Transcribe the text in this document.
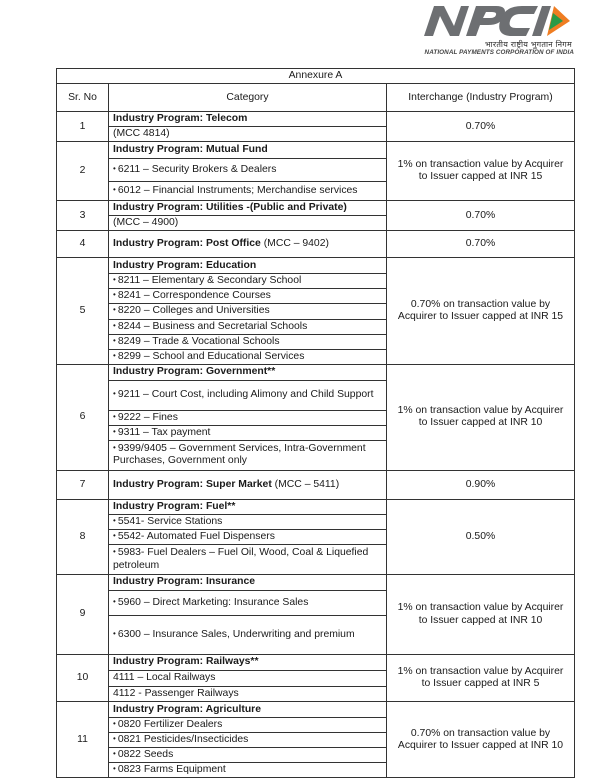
भारतीय राष्ट्रीय भुगतान निगम
NATIONAL PAYMENTS CORPORATION OF INDIA
Annexure A		
Sr. No	Category	Interchange (Industry Program)
1	Industry Program: Telecom	0.70%
	(MCC 4814)	
2	Industry Program: Mutual Fund	1% on transaction value by Acquirer to Issuer capped at INR 15
	• 6211 – Security Brokers & Dealers
	• 6012 – Financial Instruments; Merchandise services
3	Industry Program: Utilities -(Public and Private)	0.70%
	(MCC – 4900)	
4	Industry Program: Post Office (MCC – 9402)	0.70%
5	Industry Program: Education	0.70% on transaction value by Acquirer to Issuer capped at INR 15
	• 8211 – Elementary & Secondary School
	• 8241 – Correspondence Courses
	• 8220 – Colleges and Universities
	• 8244 – Business and Secretarial Schools
	• 8249 – Trade & Vocational Schools
	• 8299 – School and Educational Services
6	Industry Program: Government**	1% on transaction value by Acquirer to Issuer capped at INR 10
	• 9211 – Court Cost, including Alimony and Child Support
	• 9222 – Fines
	• 9311 – Tax payment
	• 9399/9405 – Government Services, Intra-Government Purchases, Government only
7	Industry Program: Super Market (MCC – 5411)	0.90%
8	Industry Program: Fuel**	0.50%
	• 5541- Service Stations
	• 5542- Automated Fuel Dispensers
	• 5983- Fuel Dealers – Fuel Oil, Wood, Coal & Liquefied petroleum
9	Industry Program: Insurance	1% on transaction value by Acquirer to Issuer capped at INR 10
	• 5960 – Direct Marketing: Insurance Sales
	• 6300 – Insurance Sales, Underwriting and premium
10	Industry Program: Railways**	1% on transaction value by Acquirer to Issuer capped at INR 5
	4111 – Local Railways	
	4112 - Passenger Railways	
11	Industry Program: Agriculture	0.70% on transaction value by Acquirer to Issuer capped at INR 10
	• 0820 Fertilizer Dealers
	• 0821 Pesticides/Insecticides
	• 0822 Seeds
	• 0823 Farms Equipment
